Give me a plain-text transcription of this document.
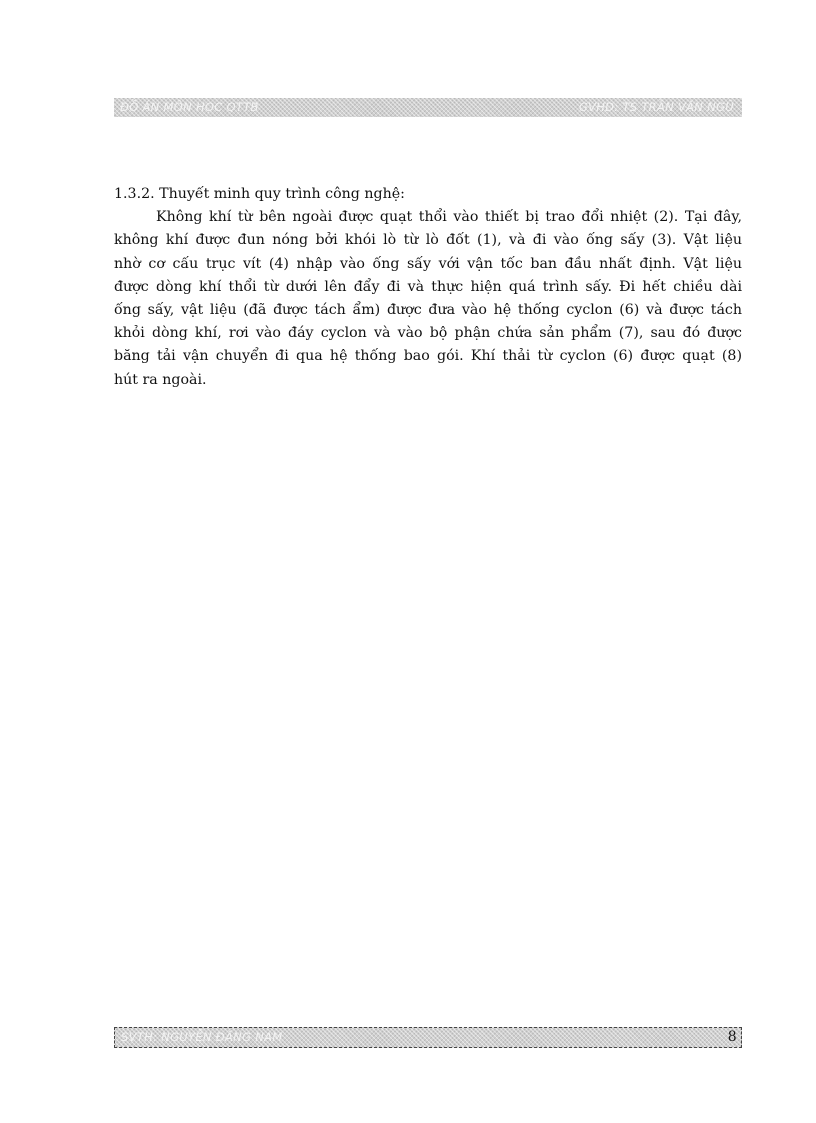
ĐỒ ÁN MÔN HỌC QTTB	GVHD: TS TRẦN VĂN NGŨ

1.3.2. Thuyết minh quy trình công nghệ:

Không khí từ bên ngoài được quạt thổi vào thiết bị trao đổi nhiệt (2). Tại đây,
không khí được đun nóng bởi khói lò từ lò đốt (1), và đi vào ống sấy (3). Vật liệu
nhờ cơ cấu trục vít (4) nhập vào ống sấy với vận tốc ban đầu nhất định. Vật liệu
được dòng khí thổi từ dưới lên đẩy đi và thực hiện quá trình sấy. Đi hết chiều dài
ống sấy, vật liệu (đã được tách ẩm) được đưa vào hệ thống cyclon (6) và được tách
khỏi dòng khí, rơi vào đáy cyclon và vào bộ phận chứa sản phẩm (7), sau đó được
băng tải vận chuyển đi qua hệ thống bao gói. Khí thải từ cyclon (6) được quạt (8)
hút ra ngoài.
SVTH: NGUYỄN ĐĂNG NAM	8
